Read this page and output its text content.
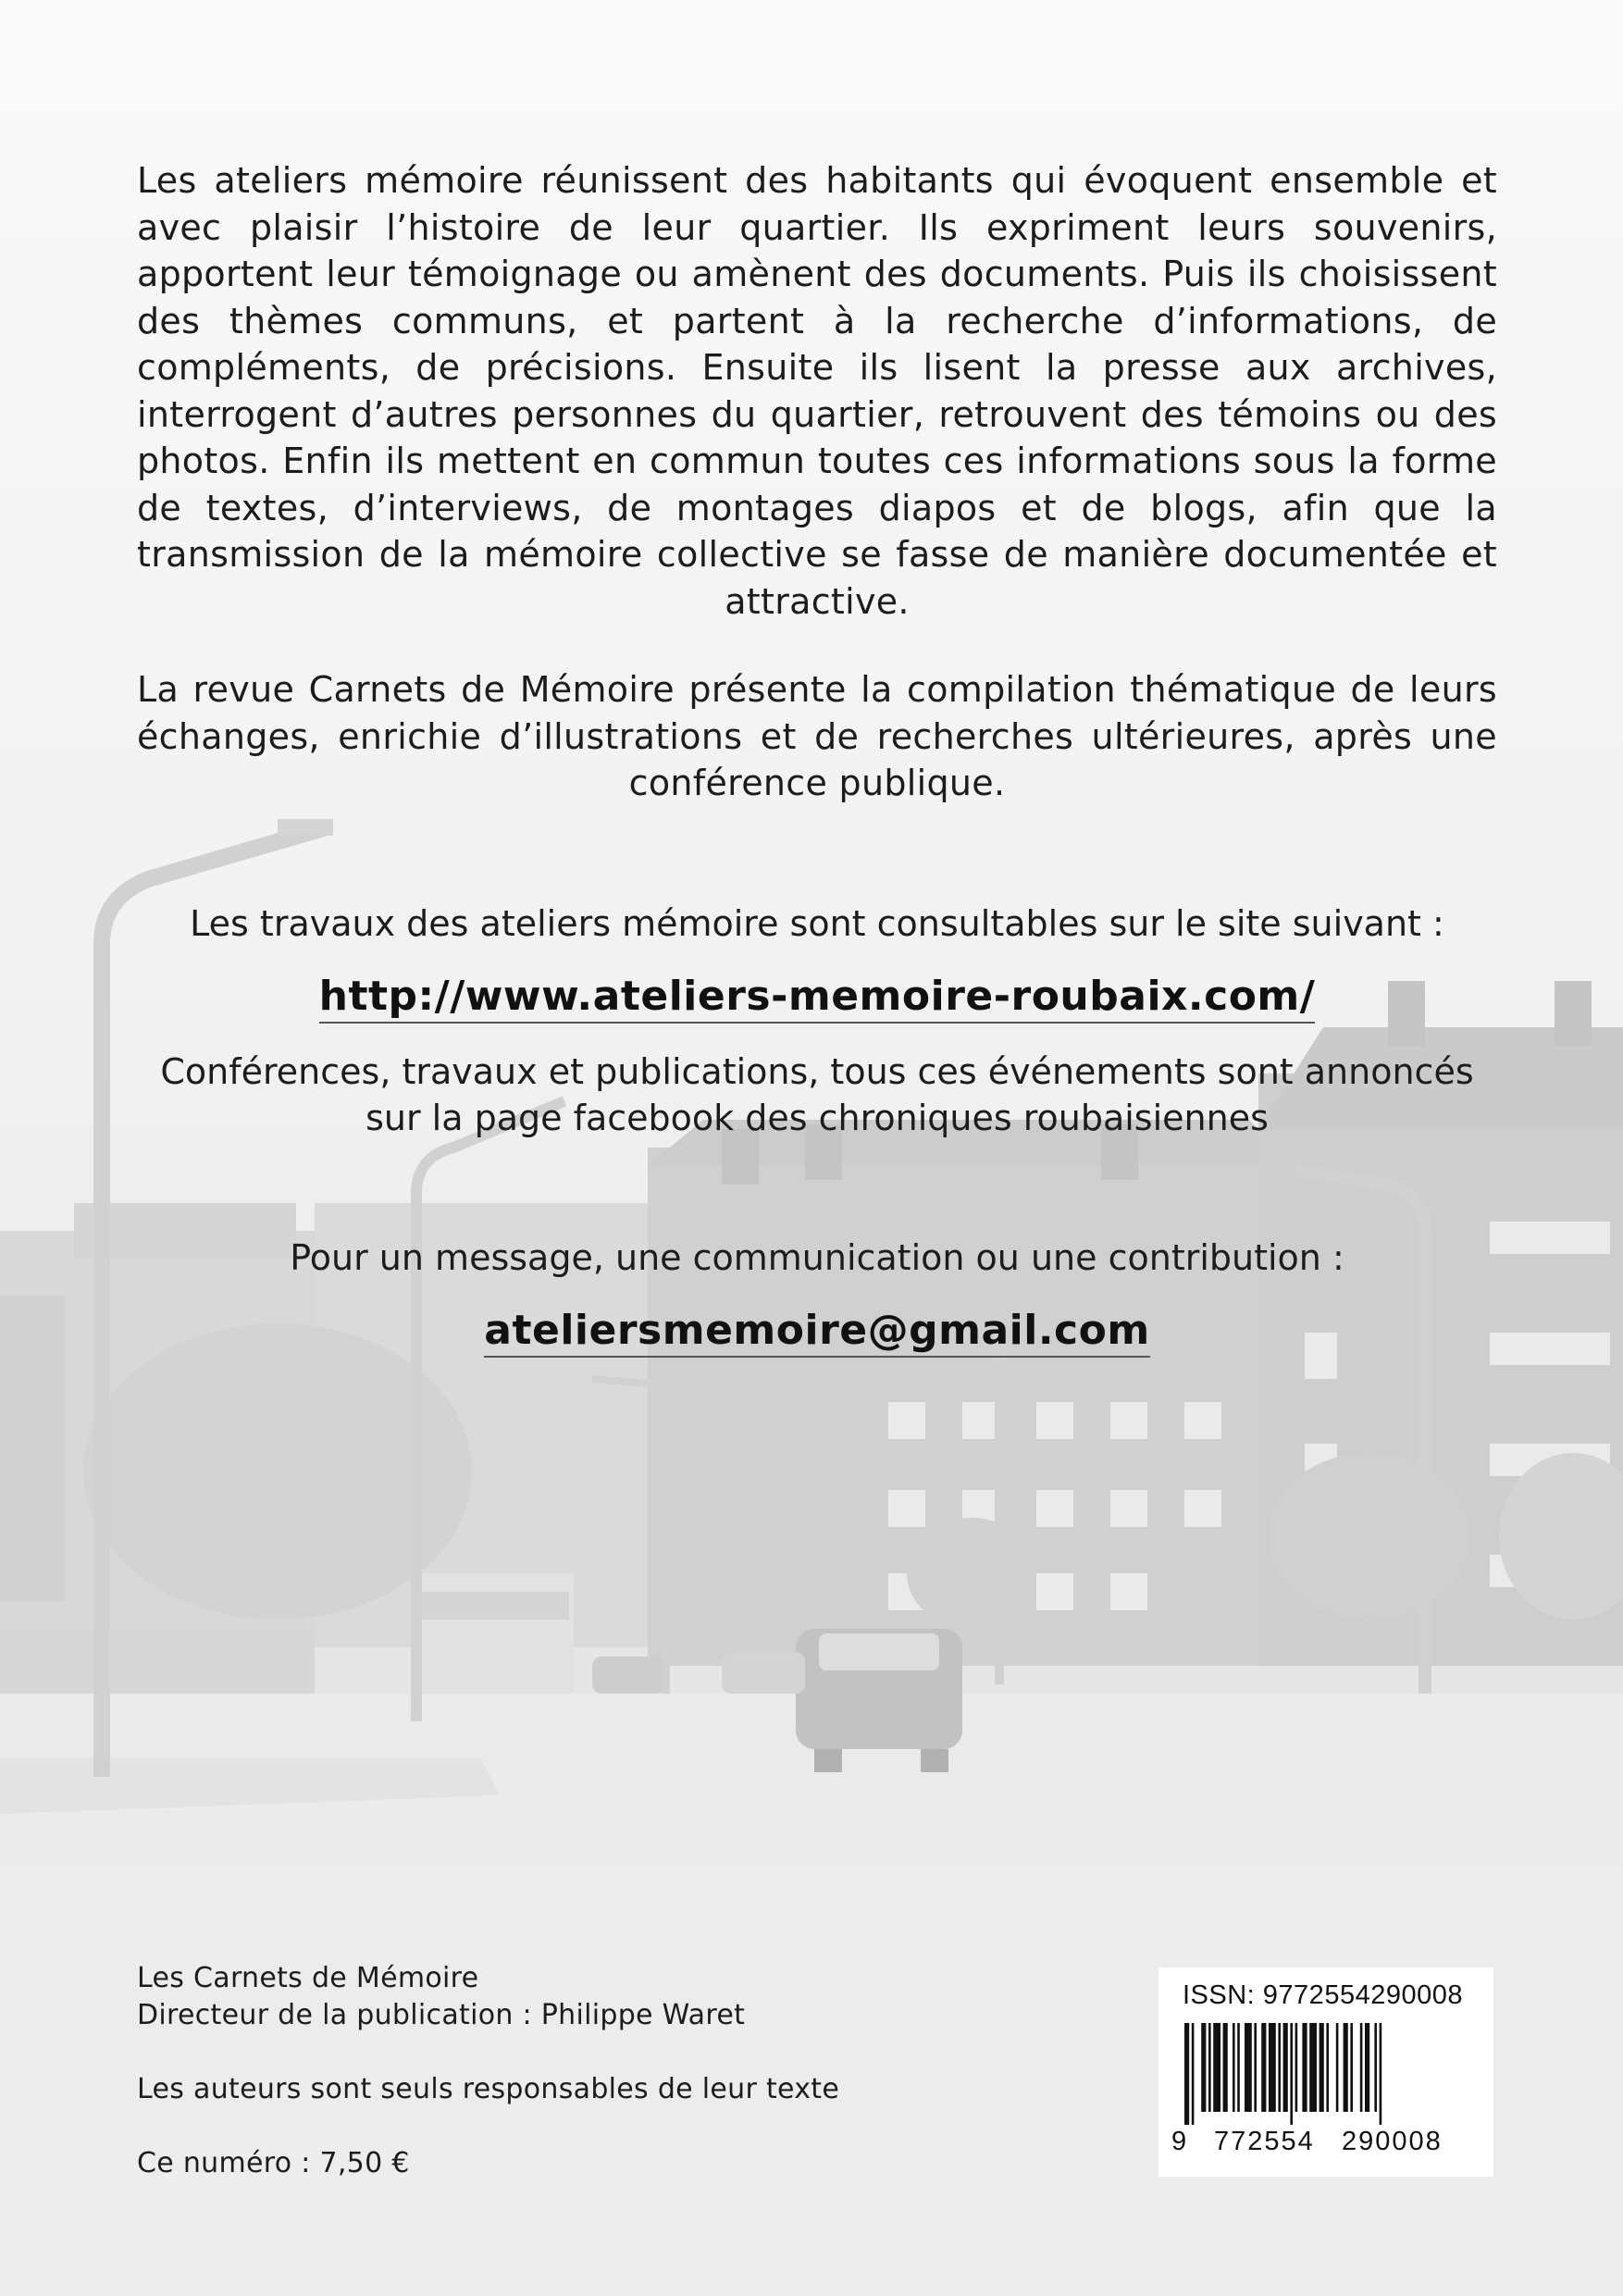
Les ateliers mémoire réunissent des habitants qui évoquent ensemble et avec plaisir l’histoire de leur quartier. Ils expriment leurs souvenirs, apportent leur témoignage ou amènent des documents. Puis ils choisissent des thèmes communs, et partent à la recherche d’informations, de compléments, de précisions. Ensuite ils lisent la presse aux archives, interrogent d’autres personnes du quartier, retrouvent des témoins ou des photos. Enfin ils mettent en commun toutes ces informations sous la forme de textes, d’interviews, de montages diapos et de blogs, afin que la transmission de la mémoire collective se fasse de manière documentée et attractive.
La revue Carnets de Mémoire présente la compilation thématique de leurs échanges, enrichie d’illustrations et de recherches ultérieures, après une conférence publique.
Les travaux des ateliers mémoire sont consultables sur le site suivant :
http://www.ateliers-memoire-roubaix.com/
Conférences, travaux et publications, tous ces événements sont annoncés
sur la page facebook des chroniques roubaisiennes
Pour un message, une communication ou une contribution :
ateliersmemoire@gmail.com
Les Carnets de Mémoire
Directeur de la publication : Philippe Waret
Les auteurs sont seuls responsables de leur texte
Ce numéro : 7,50 €
ISSN: 9772554290008
9 772554 290008
